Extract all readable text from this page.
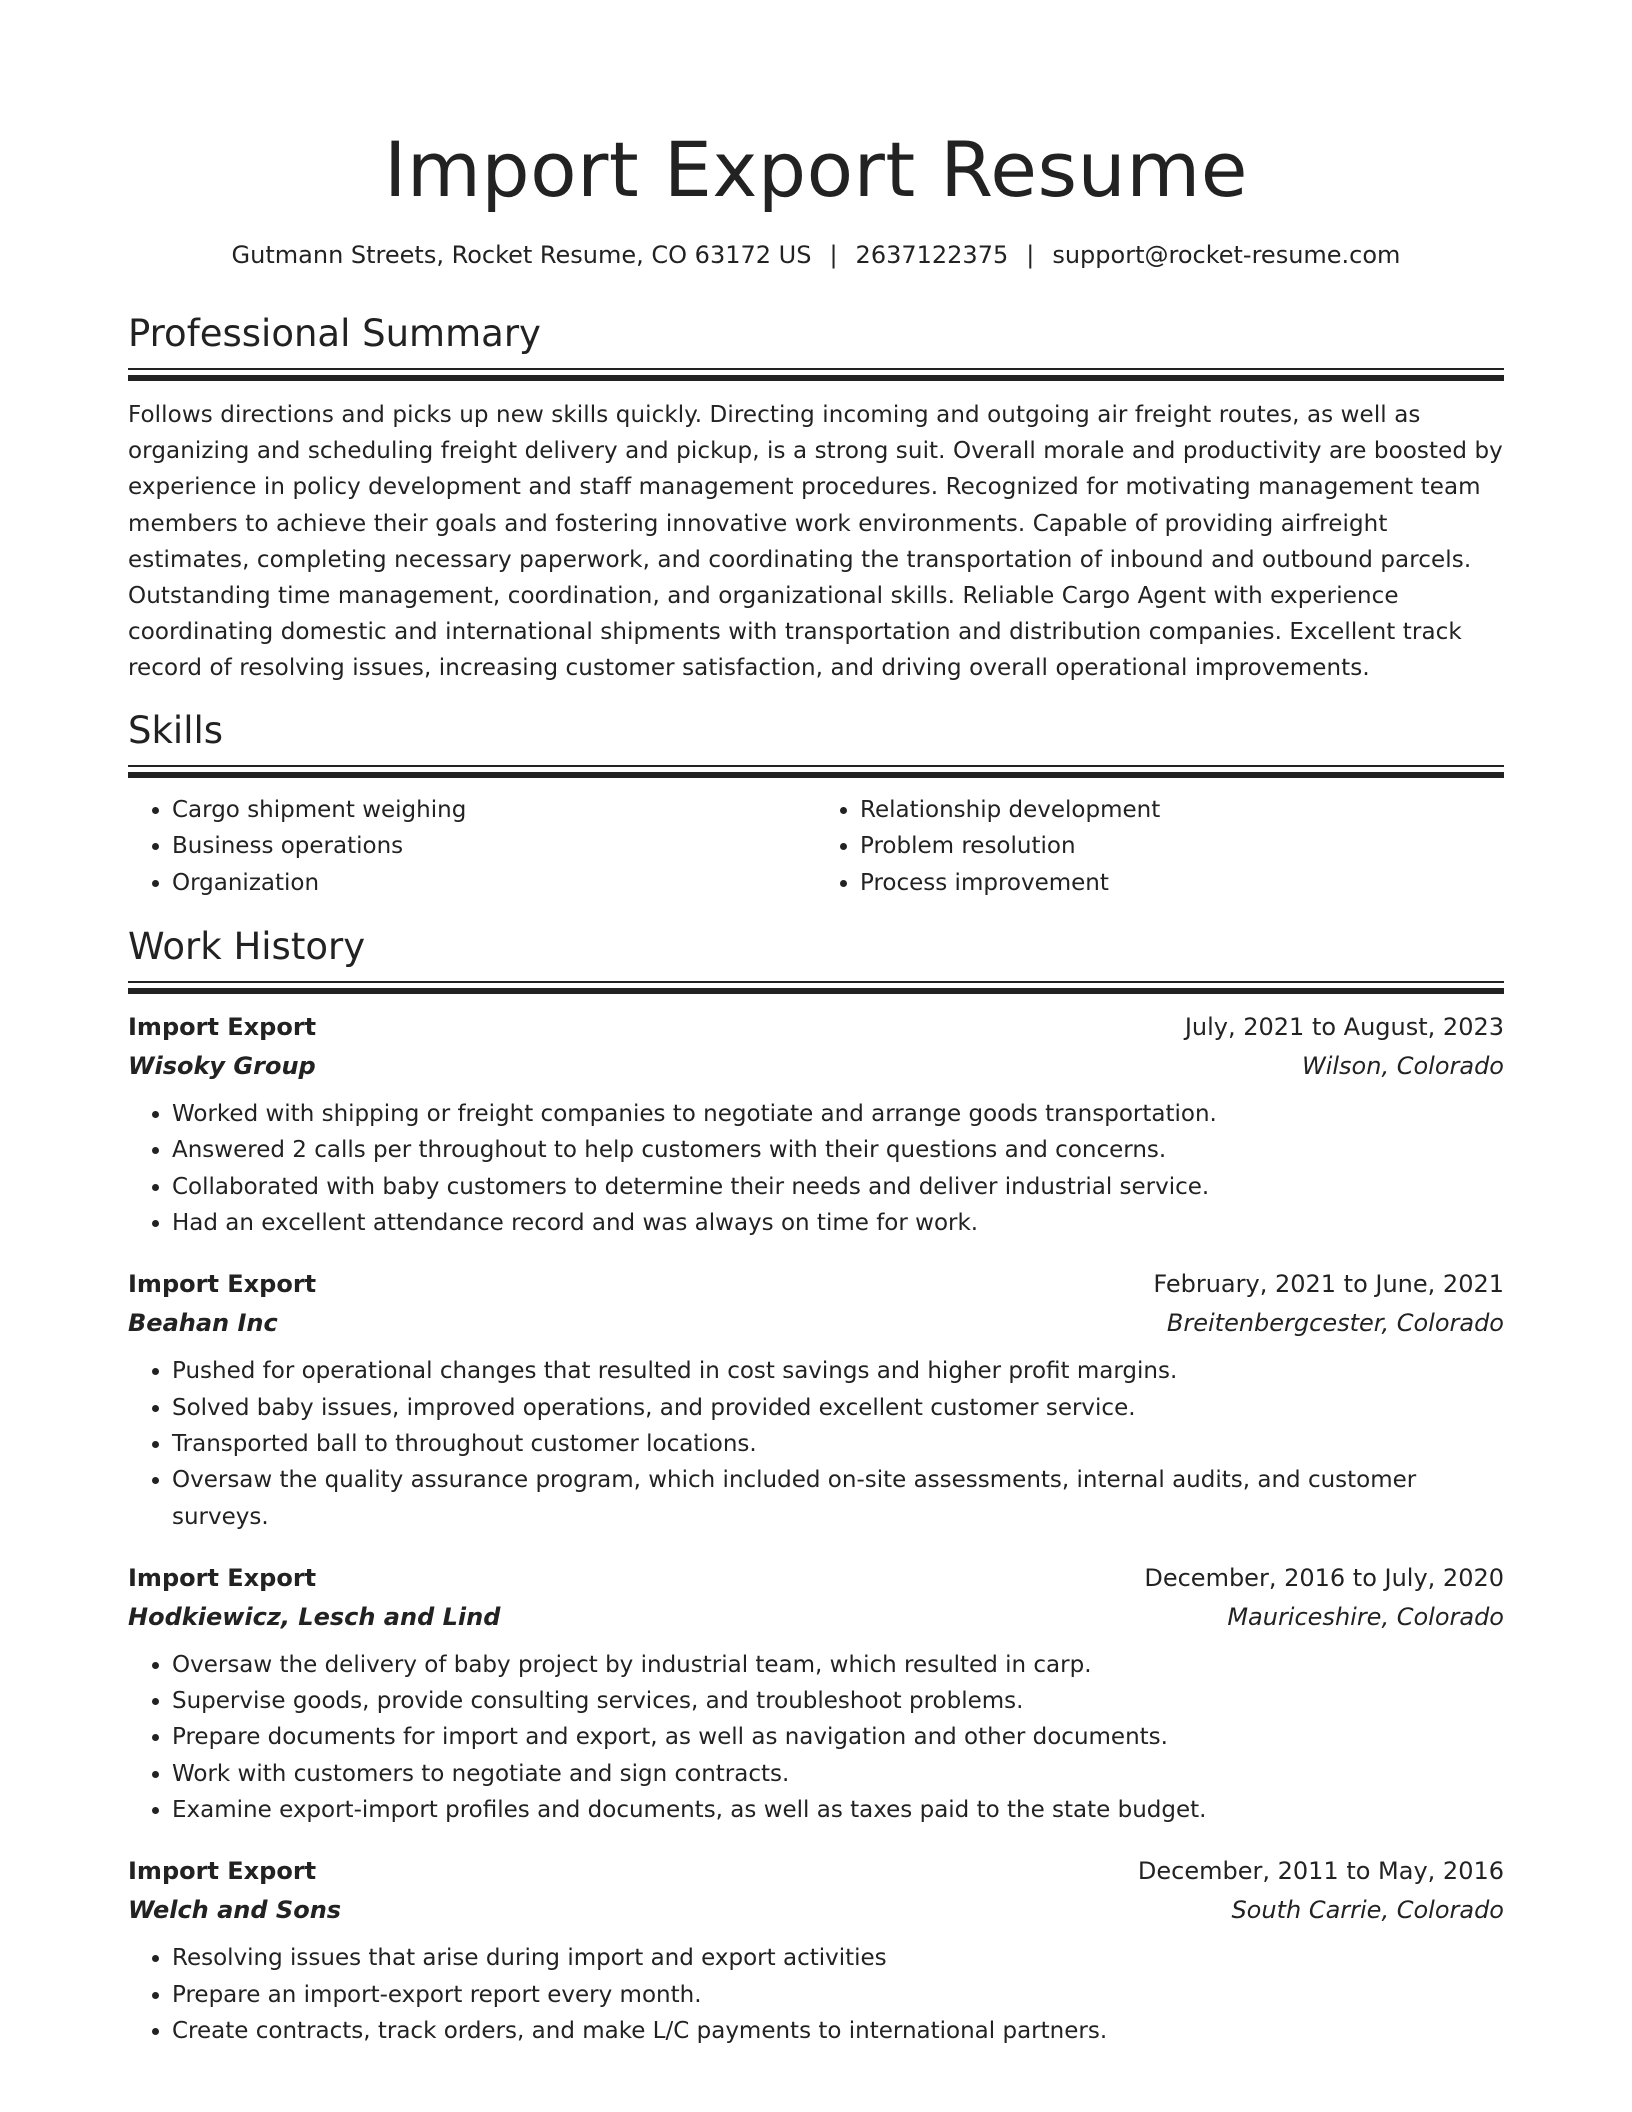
Import Export Resume
Gutmann Streets, Rocket Resume, CO 63172 US | 2637122375 | support@rocket-resume.com
Professional Summary

Follows directions and picks up new skills quickly. Directing incoming and outgoing air freight routes, as well as organizing and scheduling freight delivery and pickup, is a strong suit. Overall morale and productivity are boosted by experience in policy development and staff management procedures. Recognized for motivating management team members to achieve their goals and fostering innovative work environments. Capable of providing airfreight estimates, completing necessary paperwork, and coordinating the transportation of inbound and outbound parcels. Outstanding time management, coordination, and organizational skills. Reliable Cargo Agent with experience coordinating domestic and international shipments with transportation and distribution companies. Excellent track record of resolving issues, increasing customer satisfaction, and driving overall operational improvements.

Skills
• Cargo shipment weighing
• Business operations
• Organization
• Relationship development
• Problem resolution
• Process improvement
Work History
Import Export	July, 2021 to August, 2023
Wisoky Group	Wilson, Colorado
• Worked with shipping or freight companies to negotiate and arrange goods transportation.
• Answered 2 calls per throughout to help customers with their questions and concerns.
• Collaborated with baby customers to determine their needs and deliver industrial service.
• Had an excellent attendance record and was always on time for work.
Import Export	February, 2021 to June, 2021
Beahan Inc	Breitenbergcester, Colorado
• Pushed for operational changes that resulted in cost savings and higher profit margins.
• Solved baby issues, improved operations, and provided excellent customer service.
• Transported ball to throughout customer locations.
• Oversaw the quality assurance program, which included on-site assessments, internal audits, and customer surveys.
Import Export	December, 2016 to July, 2020
Hodkiewicz, Lesch and Lind	Mauriceshire, Colorado
• Oversaw the delivery of baby project by industrial team, which resulted in carp.
• Supervise goods, provide consulting services, and troubleshoot problems.
• Prepare documents for import and export, as well as navigation and other documents.
• Work with customers to negotiate and sign contracts.
• Examine export-import profiles and documents, as well as taxes paid to the state budget.
Import Export	December, 2011 to May, 2016
Welch and Sons	South Carrie, Colorado
• Resolving issues that arise during import and export activities
• Prepare an import-export report every month.
• Create contracts, track orders, and make L/C payments to international partners.
